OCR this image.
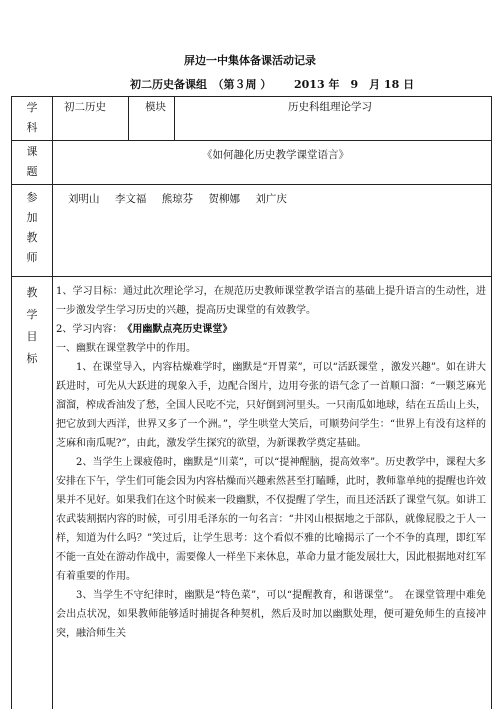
屏边一中集体备课活动记录
初二历史备课组　（第３周 ） 2013 年　9　月 18 日
学科
初二历史	模块	历史科组理论学习
课题
《如何趣化历史教学课堂语言》
参加教师
刘明山 李文福 熊琼芬 贺柳娜 刘广庆
教学目标

1、学习目标：通过此次理论学习，在规范历史教师课堂教学语言的基础上提升语言的生动性，进一步激发学生学习历史的兴趣，提高历史课堂的有效教学。

2、学习内容：　 《用幽默点亮历史课堂》

一、幽默在课堂教学中的作用。

1、在课堂导入，内容枯燥难学时，幽默是“开胃菜”，可以“活跃课堂 ，激发兴趣”。如在讲大跃进时，可先从大跃进的现象入手，边配合图片，边用夸张的语气念了一首顺口溜：“一颗芝麻光溜溜，榨成香油发了愁，全国人民吃不完，只好倒到河里头。一只南瓜如地球，结在五岳山上头，把它放到大西洋，世界又多了一个洲。”，学生哄堂大笑后，可顺势问学生：“世界上有没有这样的芝麻和南瓜呢?”，由此，激发学生探究的欲望，为新课教学奠定基础。

2、当学生上课疲倦时，幽默是“川菜”，可以“提神醒脑，提高效率”。历史教学中，课程大多安排在下午，学生们可能会因为内容枯燥而兴趣索然甚至打瞌睡，此时，教师靠单纯的提醒也许效果并不见好。如果我们在这个时候来一段幽默，不仅提醒了学生，而且还活跃了课堂气氛。如讲工农武装割据内容的时候，可引用毛泽东的一句名言：“井冈山根据地之于部队，就像屁股之于人一样，知道为什么吗？”笑过后，让学生思考：这个看似不雅的比喻揭示了一个不争的真理，即红军不能一直处在游动作战中，需要像人一样坐下来休息，革命力量才能发展壮大，因此根据地对红军有着重要的作用。

3、当学生不守纪律时，幽默是“特色菜”，可以“提醒教育，和谐课堂”。　在课堂管理中难免会出点状况，如果教师能够适时捕捉各种契机，然后及时加以幽默处理，便可避免师生的直接冲突，融洽师生关
